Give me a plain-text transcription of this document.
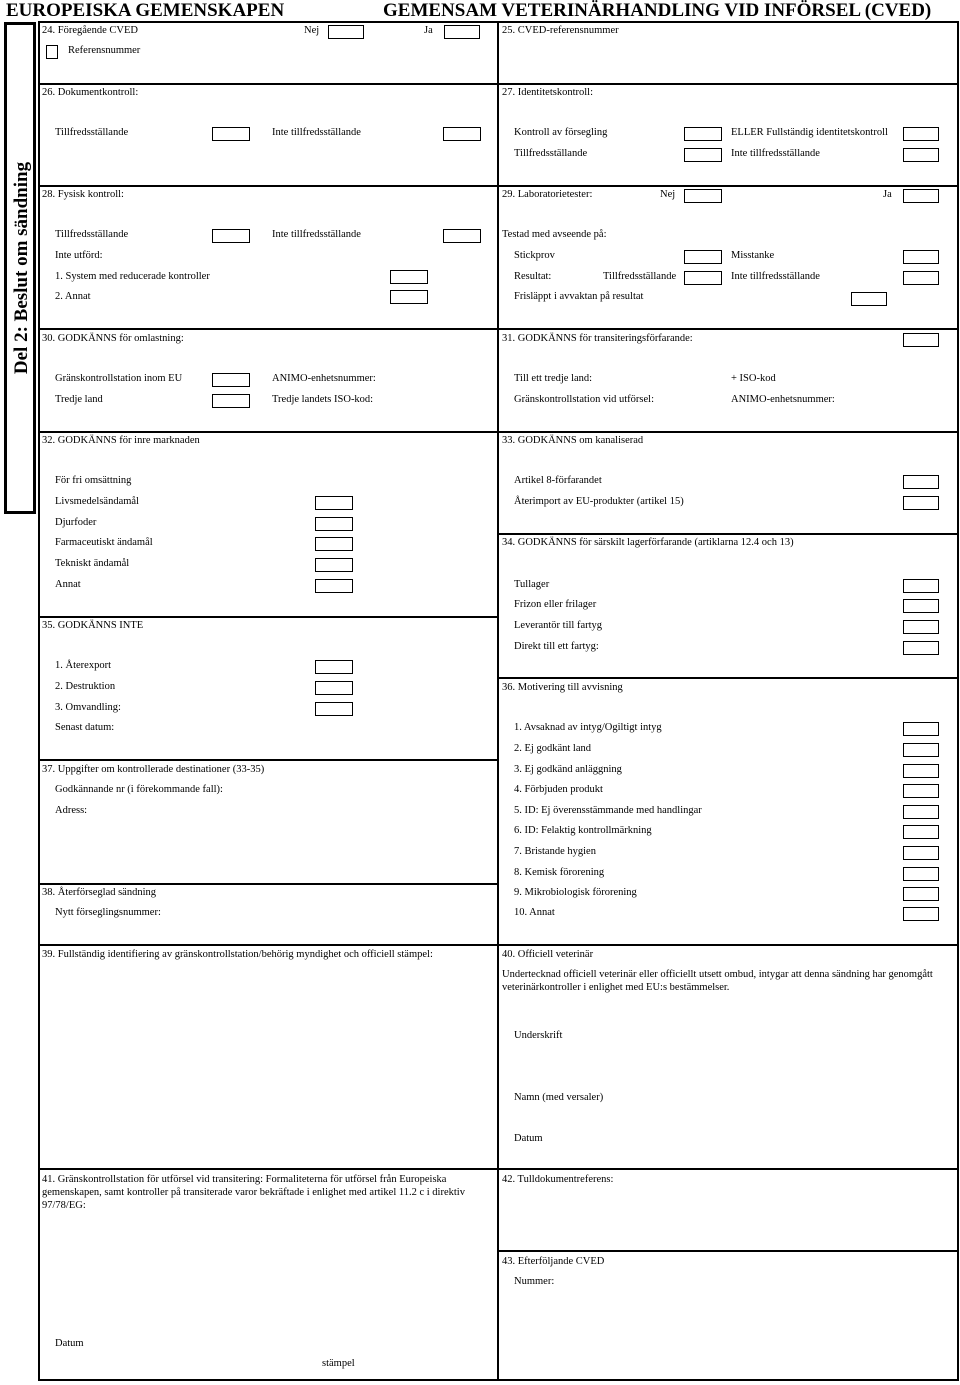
EUROPEISKA GEMENSKAPEN	GEMENSAM VETERINÄRHANDLING VID INFÖRSEL (CVED)
Del 2: Beslut om sändning
24. Föregående CVED	Nej	Ja
Referensnummer
25. CVED-referensnummer
26. Dokumentkontroll:
Tillfredsställande	Inte tillfredsställande
27. Identitetskontroll:
Kontroll av försegling	ELLER Fullständig identitetskontroll
Tillfredsställande	Inte tillfredsställande
28. Fysisk kontroll:
Tillfredsställande	Inte tillfredsställande
Inte utförd:
1. System med reducerade kontroller
2. Annat
29. Laboratorietester:	Nej	Ja
Testad med avseende på:
Stickprov	Misstanke
Resultat:	Tillfredsställande	Inte tillfredsställande
Frisläppt i avvaktan på resultat
30. GODKÄNNS för omlastning:
Gränskontrollstation inom EU	ANIMO-enhetsnummer:
Tredje land	Tredje landets ISO-kod:
31. GODKÄNNS för transiteringsförfarande:
Till ett tredje land:	+ ISO-kod
Gränskontrollstation vid utförsel:	ANIMO-enhetsnummer:
32. GODKÄNNS för inre marknaden
För fri omsättning
Livsmedelsändamål
Djurfoder
Farmaceutiskt ändamål
Tekniskt ändamål
Annat
33. GODKÄNNS om kanaliserad
Artikel 8-förfarandet
Återimport av EU-produkter (artikel 15)
34. GODKÄNNS för särskilt lagerförfarande (artiklarna 12.4 och 13)
Tullager
Frizon eller frilager
Leverantör till fartyg
Direkt till ett fartyg:
35. GODKÄNNS INTE
1. Återexport
2. Destruktion
3. Omvandling:
Senast datum:
36. Motivering till avvisning
1. Avsaknad av intyg/Ogiltigt intyg
2. Ej godkänt land
3. Ej godkänd anläggning
4. Förbjuden produkt
5. ID: Ej överensstämmande med handlingar
6. ID: Felaktig kontrollmärkning
7. Bristande hygien
8. Kemisk förorening
9. Mikrobiologisk förorening
10. Annat
37. Uppgifter om kontrollerade destinationer (33-35)
Godkännande nr (i förekommande fall):
Adress:
38. Återförseglad sändning
Nytt förseglingsnummer:
39. Fullständig identifiering av gränskontrollstation/behörig myndighet och officiell stämpel:	40. Officiell veterinär
Undertecknad officiell veterinär eller officiellt utsett ombud, intygar att denna sändning har genomgått veterinärkontroller i enlighet med EU:s bestämmelser.
Underskrift
Namn (med versaler)
Datum
41. Gränskontrollstation för utförsel vid transitering: Formaliteterna för utförsel från Europeiska gemenskapen, samt kontroller på transiterade varor bekräftade i enlighet med artikel 11.2 c i direktiv 97/78/EG:
Datum
stämpel
42. Tulldokumentreferens:
43. Efterföljande CVED
Nummer:
